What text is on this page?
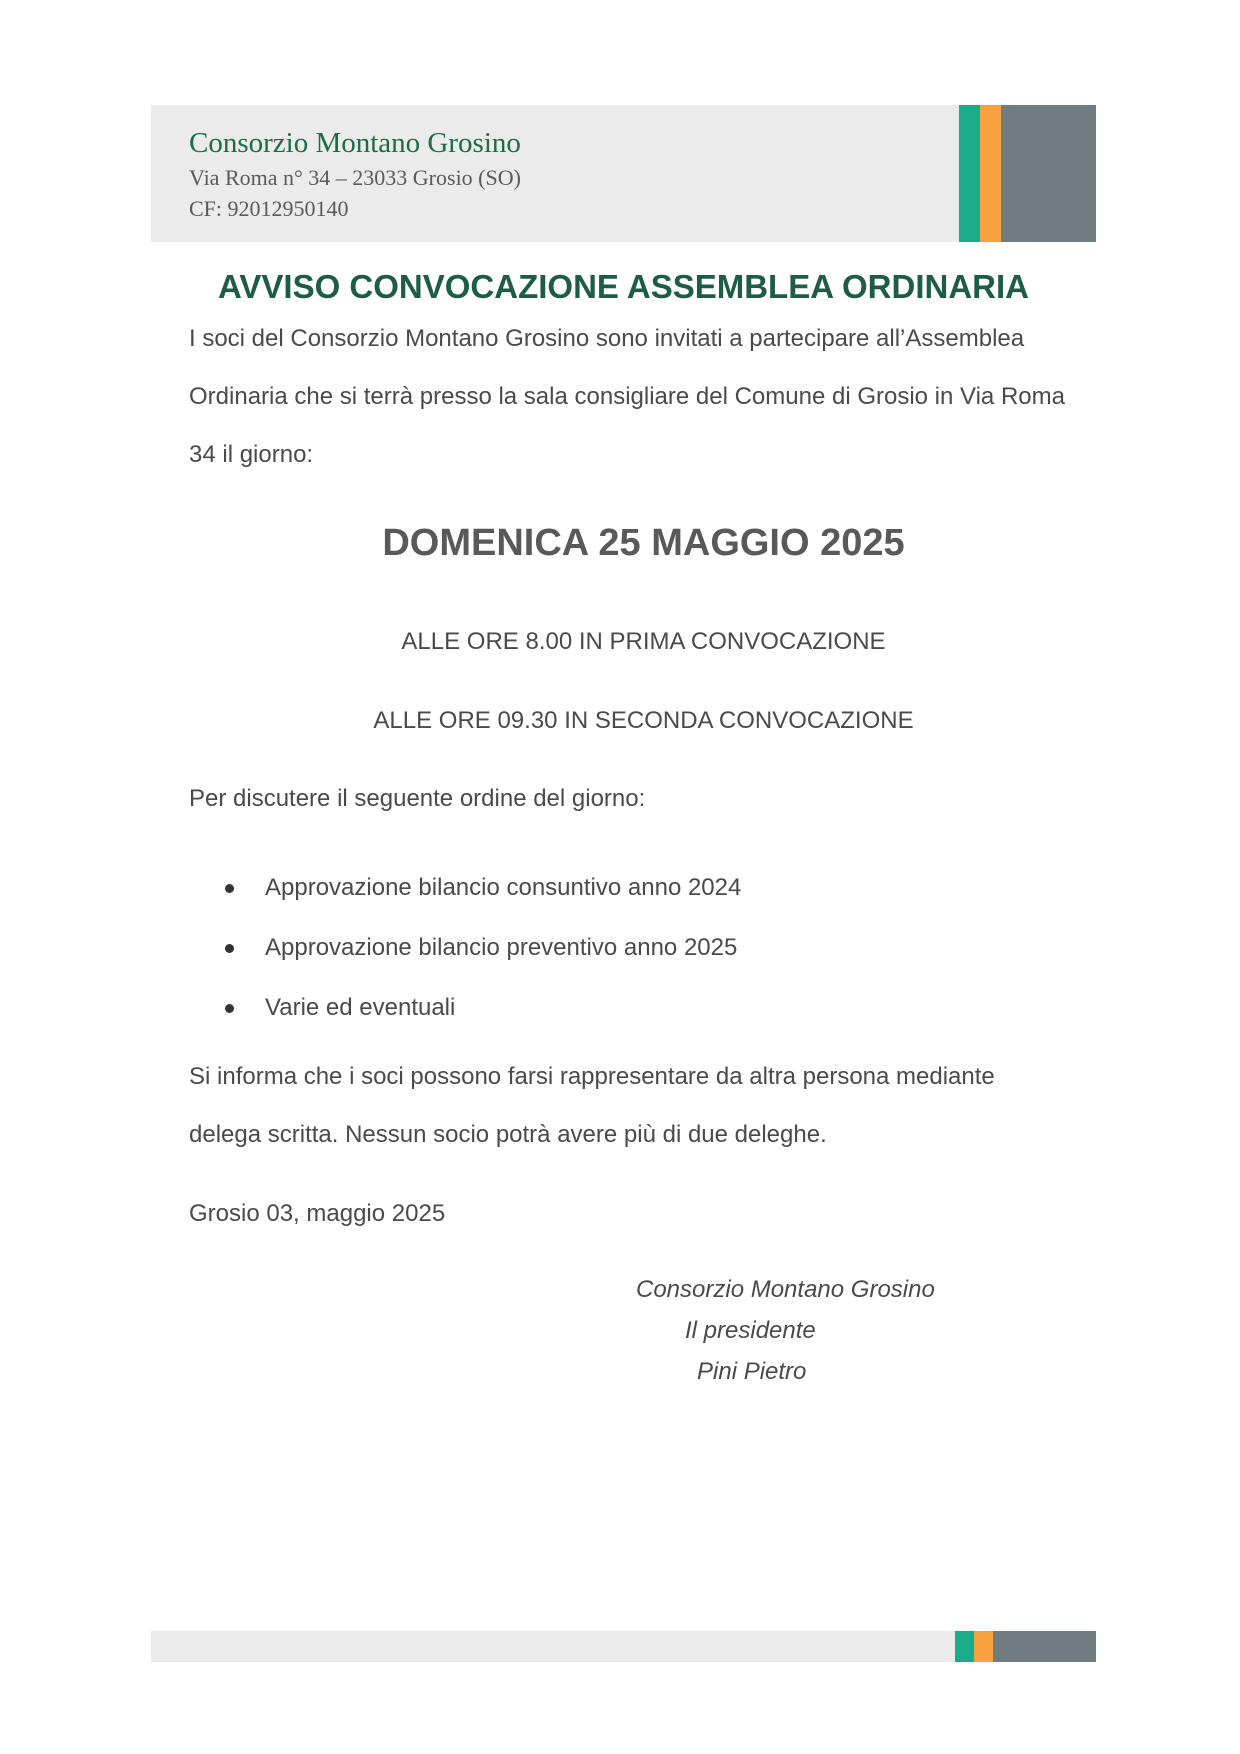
Consorzio Montano Grosino

Via Roma n° 34 – 23033 Grosio (SO)

CF: 92012950140

AVVISO CONVOCAZIONE ASSEMBLEA ORDINARIA

I soci del Consorzio Montano Grosino sono invitati a partecipare all’Assemblea Ordinaria che si terrà presso la sala consigliare del Comune di Grosio in Via Roma 34 il giorno:

DOMENICA 25 MAGGIO 2025

ALLE ORE 8.00 IN PRIMA CONVOCAZIONE

ALLE ORE 09.30 IN SECONDA CONVOCAZIONE

Per discutere il seguente ordine del giorno:

Approvazione bilancio consuntivo anno 2024
Approvazione bilancio preventivo anno 2025
Varie ed eventuali

Si informa che i soci possono farsi rappresentare da altra persona mediante delega scritta. Nessun socio potrà avere più di due deleghe.

Grosio 03, maggio 2025

Consorzio Montano Grosino

Il presidente

Pini Pietro
